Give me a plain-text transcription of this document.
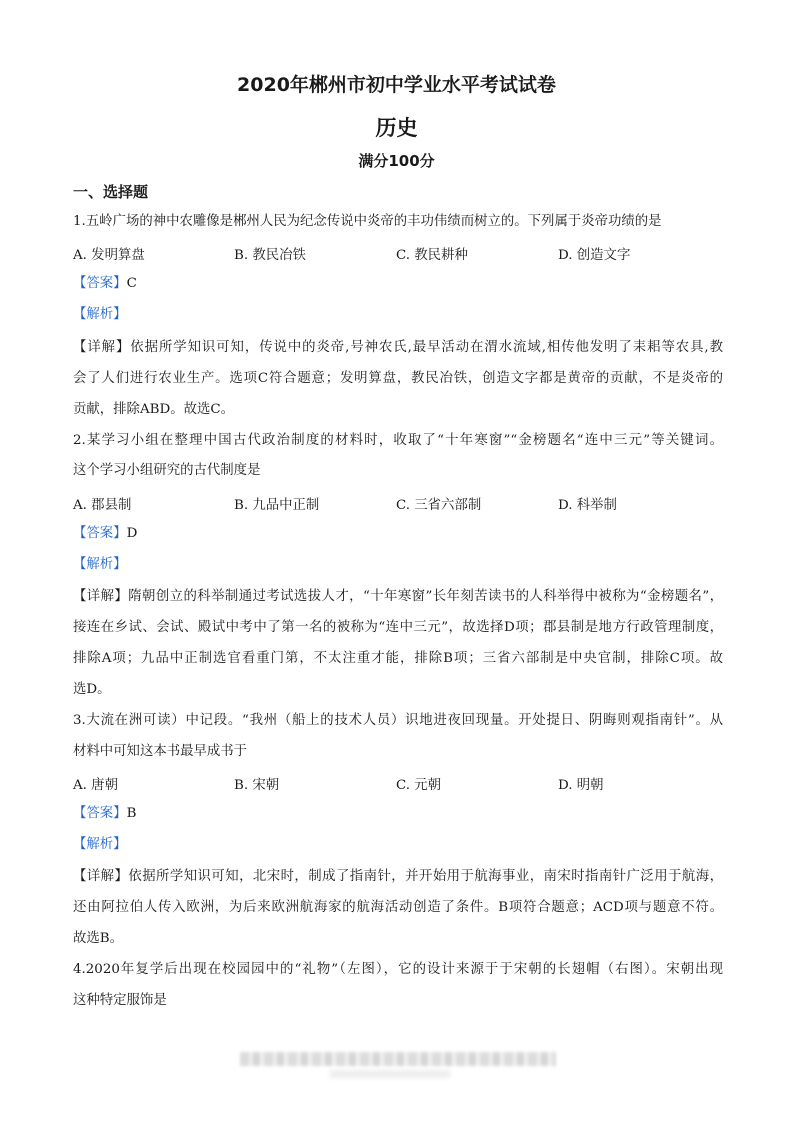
2020年郴州市初中学业水平考试试卷
历史
满分100分
一、选择题
1.五岭广场的神中农雕像是郴州人民为纪念传说中炎帝的丰功伟绩而树立的。下列属于炎帝功绩的是
A. 发明算盘	B. 教民冶铁	C. 教民耕种	D. 创造文字
【答案】C
【解析】
【详解】依据所学知识可知，传说中的炎帝,号神农氏,最早活动在渭水流域,相传他发明了耒耜等农具,教
会了人们进行农业生产。选项C符合题意；发明算盘，教民冶铁，创造文字都是黄帝的贡献，不是炎帝的
贡献，排除ABD。故选C。
2.某学习小组在整理中国古代政治制度的材料时，收取了“十年寒窗”“金榜题名“连中三元”等关键词。
这个学习小组研究的古代制度是
A. 郡县制	B. 九品中正制	C. 三省六部制	D. 科举制
【答案】D
【解析】
【详解】隋朝创立的科举制通过考试选拔人才，“十年寒窗”长年刻苦读书的人科举得中被称为“金榜题名”，
接连在乡试、会试、殿试中考中了第一名的被称为“连中三元”，故选择D项；郡县制是地方行政管理制度，
排除A项；九品中正制选官看重门第，不太注重才能，排除B项；三省六部制是中央官制，排除C项。故
选D。
3.大流在洲可读）中记段。“我州（船上的技术人员）识地进夜回现量。开处提日、阴晦则观指南针”。从
材料中可知这本书最早成书于
A. 唐朝	B. 宋朝	C. 元朝	D. 明朝
【答案】B
【解析】
【详解】依据所学知识可知，北宋时，制成了指南针，并开始用于航海事业，南宋时指南针广泛用于航海，
还由阿拉伯人传入欧洲，为后来欧洲航海家的航海活动创造了条件。B项符合题意；ACD项与题意不符。
故选B。
4.2020年复学后出现在校园园中的“礼物”（左图），它的设计来源于于宋朝的长翅帽（右图）。宋朝出现
这种特定服饰是
